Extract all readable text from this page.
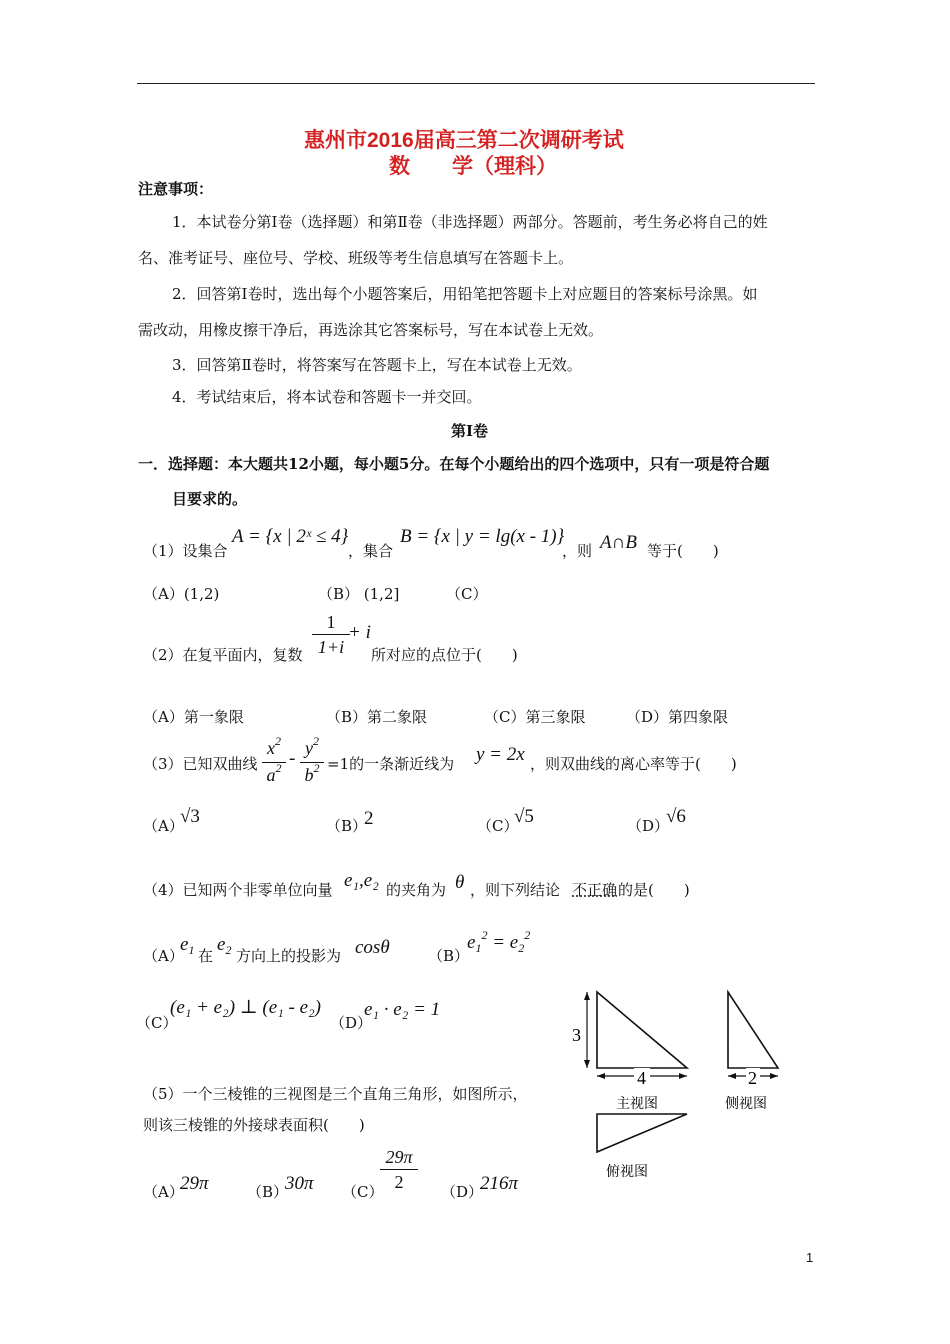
惠州市2016届高三第二次调研考试
数　　学（理科）
注意事项：
1．本试卷分第Ⅰ卷（选择题）和第Ⅱ卷（非选择题）两部分。答题前，考生务必将自己的姓
名、准考证号、座位号、学校、班级等考生信息填写在答题卡上。
2．回答第Ⅰ卷时，选出每个小题答案后，用铅笔把答题卡上对应题目的答案标号涂黑。如
需改动，用橡皮擦干净后，再选涂其它答案标号，写在本试卷上无效。
3．回答第Ⅱ卷时，将答案写在答题卡上，写在本试卷上无效。
4．考试结束后，将本试卷和答题卡一并交回。
第Ⅰ卷
一．选择题：本大题共12小题，每小题5分。在每个小题给出的四个选项中，只有一项是符合题
目要求的。
（1）设集合
A = {x | 2ˣ ≤ 4}
，集合
B = {x | y = lg(x - 1)}
，则 A∩B 等于(　　)
（A）(1,2)	（B） (1,2]	（C）
（2）在复平面内，复数
1
1+i
+ i
所对应的点位于(　　)
（A）第一象限	（B）第二象限	（C）第三象限	（D）第四象限
（3）已知双曲线
$x^2$
$a^2 - y^2$
$b^2 =1$的一条渐近线为 y = 2x ，则双曲线的离心率等于(　　)
（A）
√3	（B）
2	（C）
√5	（D）
√6
（4）已知两个非零单位向量 e₁,e₂ 的夹角为 θ ，则下列结论 不正确 的是(　　)
（A）
$e_1$ 在
$e_2$ 方向上的投影为 cosθ	（B）
$e_1^2 = e_2^2$
（C）
(e₁ + e₂) ⊥ (e₁ - e₂)
（D）
e₁ · e₂ = 1
（5）一个三棱锥的三视图是三个直角三角形，如图所示，
则该三棱锥的外接球表面积(　　)
（A）
29π	（B）
30π （C）
29π
2	（D）
216π
3
4
主视图
2
侧视图
俯视图
1
